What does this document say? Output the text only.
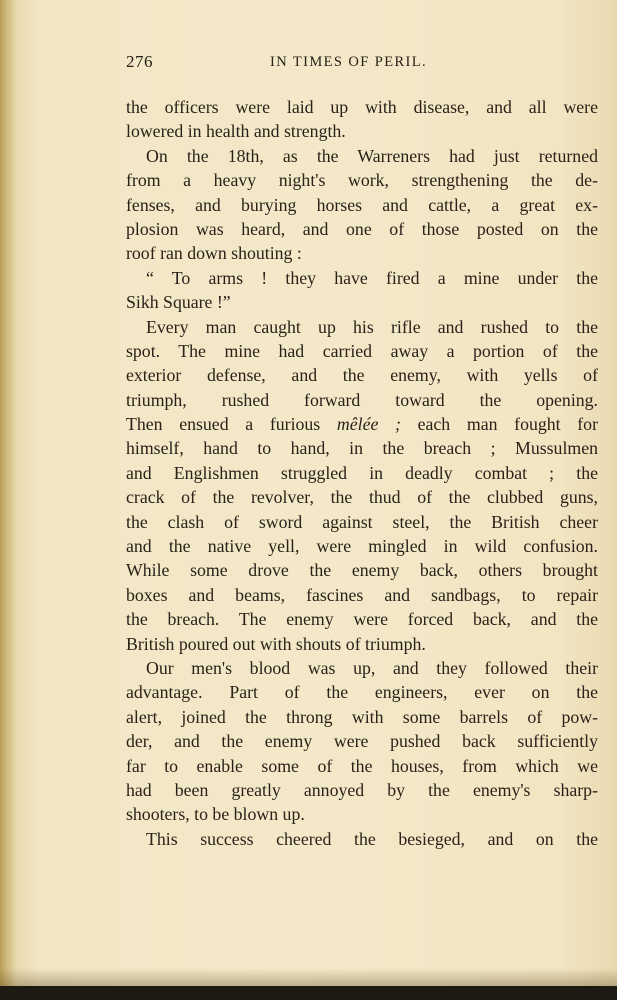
276	IN TIMES OF PERIL.
the officers were laid up with disease, and all were
lowered in health and strength.
On the 18th, as the Warreners had just returned
from a heavy night's work, strengthening the de-
fenses, and burying horses and cattle, a great ex-
plosion was heard, and one of those posted on the
roof ran down shouting :
“ To arms ! they have fired a mine under the
Sikh Square !”
Every man caught up his rifle and rushed to the
spot. The mine had carried away a portion of the
exterior defense, and the enemy, with yells of
triumph, rushed forward toward the opening.
Then ensued a furious mêlée ; each man fought for
himself, hand to hand, in the breach ; Mussulmen
and Englishmen struggled in deadly combat ; the
crack of the revolver, the thud of the clubbed guns,
the clash of sword against steel, the British cheer
and the native yell, were mingled in wild confusion.
While some drove the enemy back, others brought
boxes and beams, fascines and sandbags, to repair
the breach. The enemy were forced back, and the
British poured out with shouts of triumph.
Our men's blood was up, and they followed their
advantage. Part of the engineers, ever on the
alert, joined the throng with some barrels of pow-
der, and the enemy were pushed back sufficiently
far to enable some of the houses, from which we
had been greatly annoyed by the enemy's sharp-
shooters, to be blown up.
This success cheered the besieged, and on the
